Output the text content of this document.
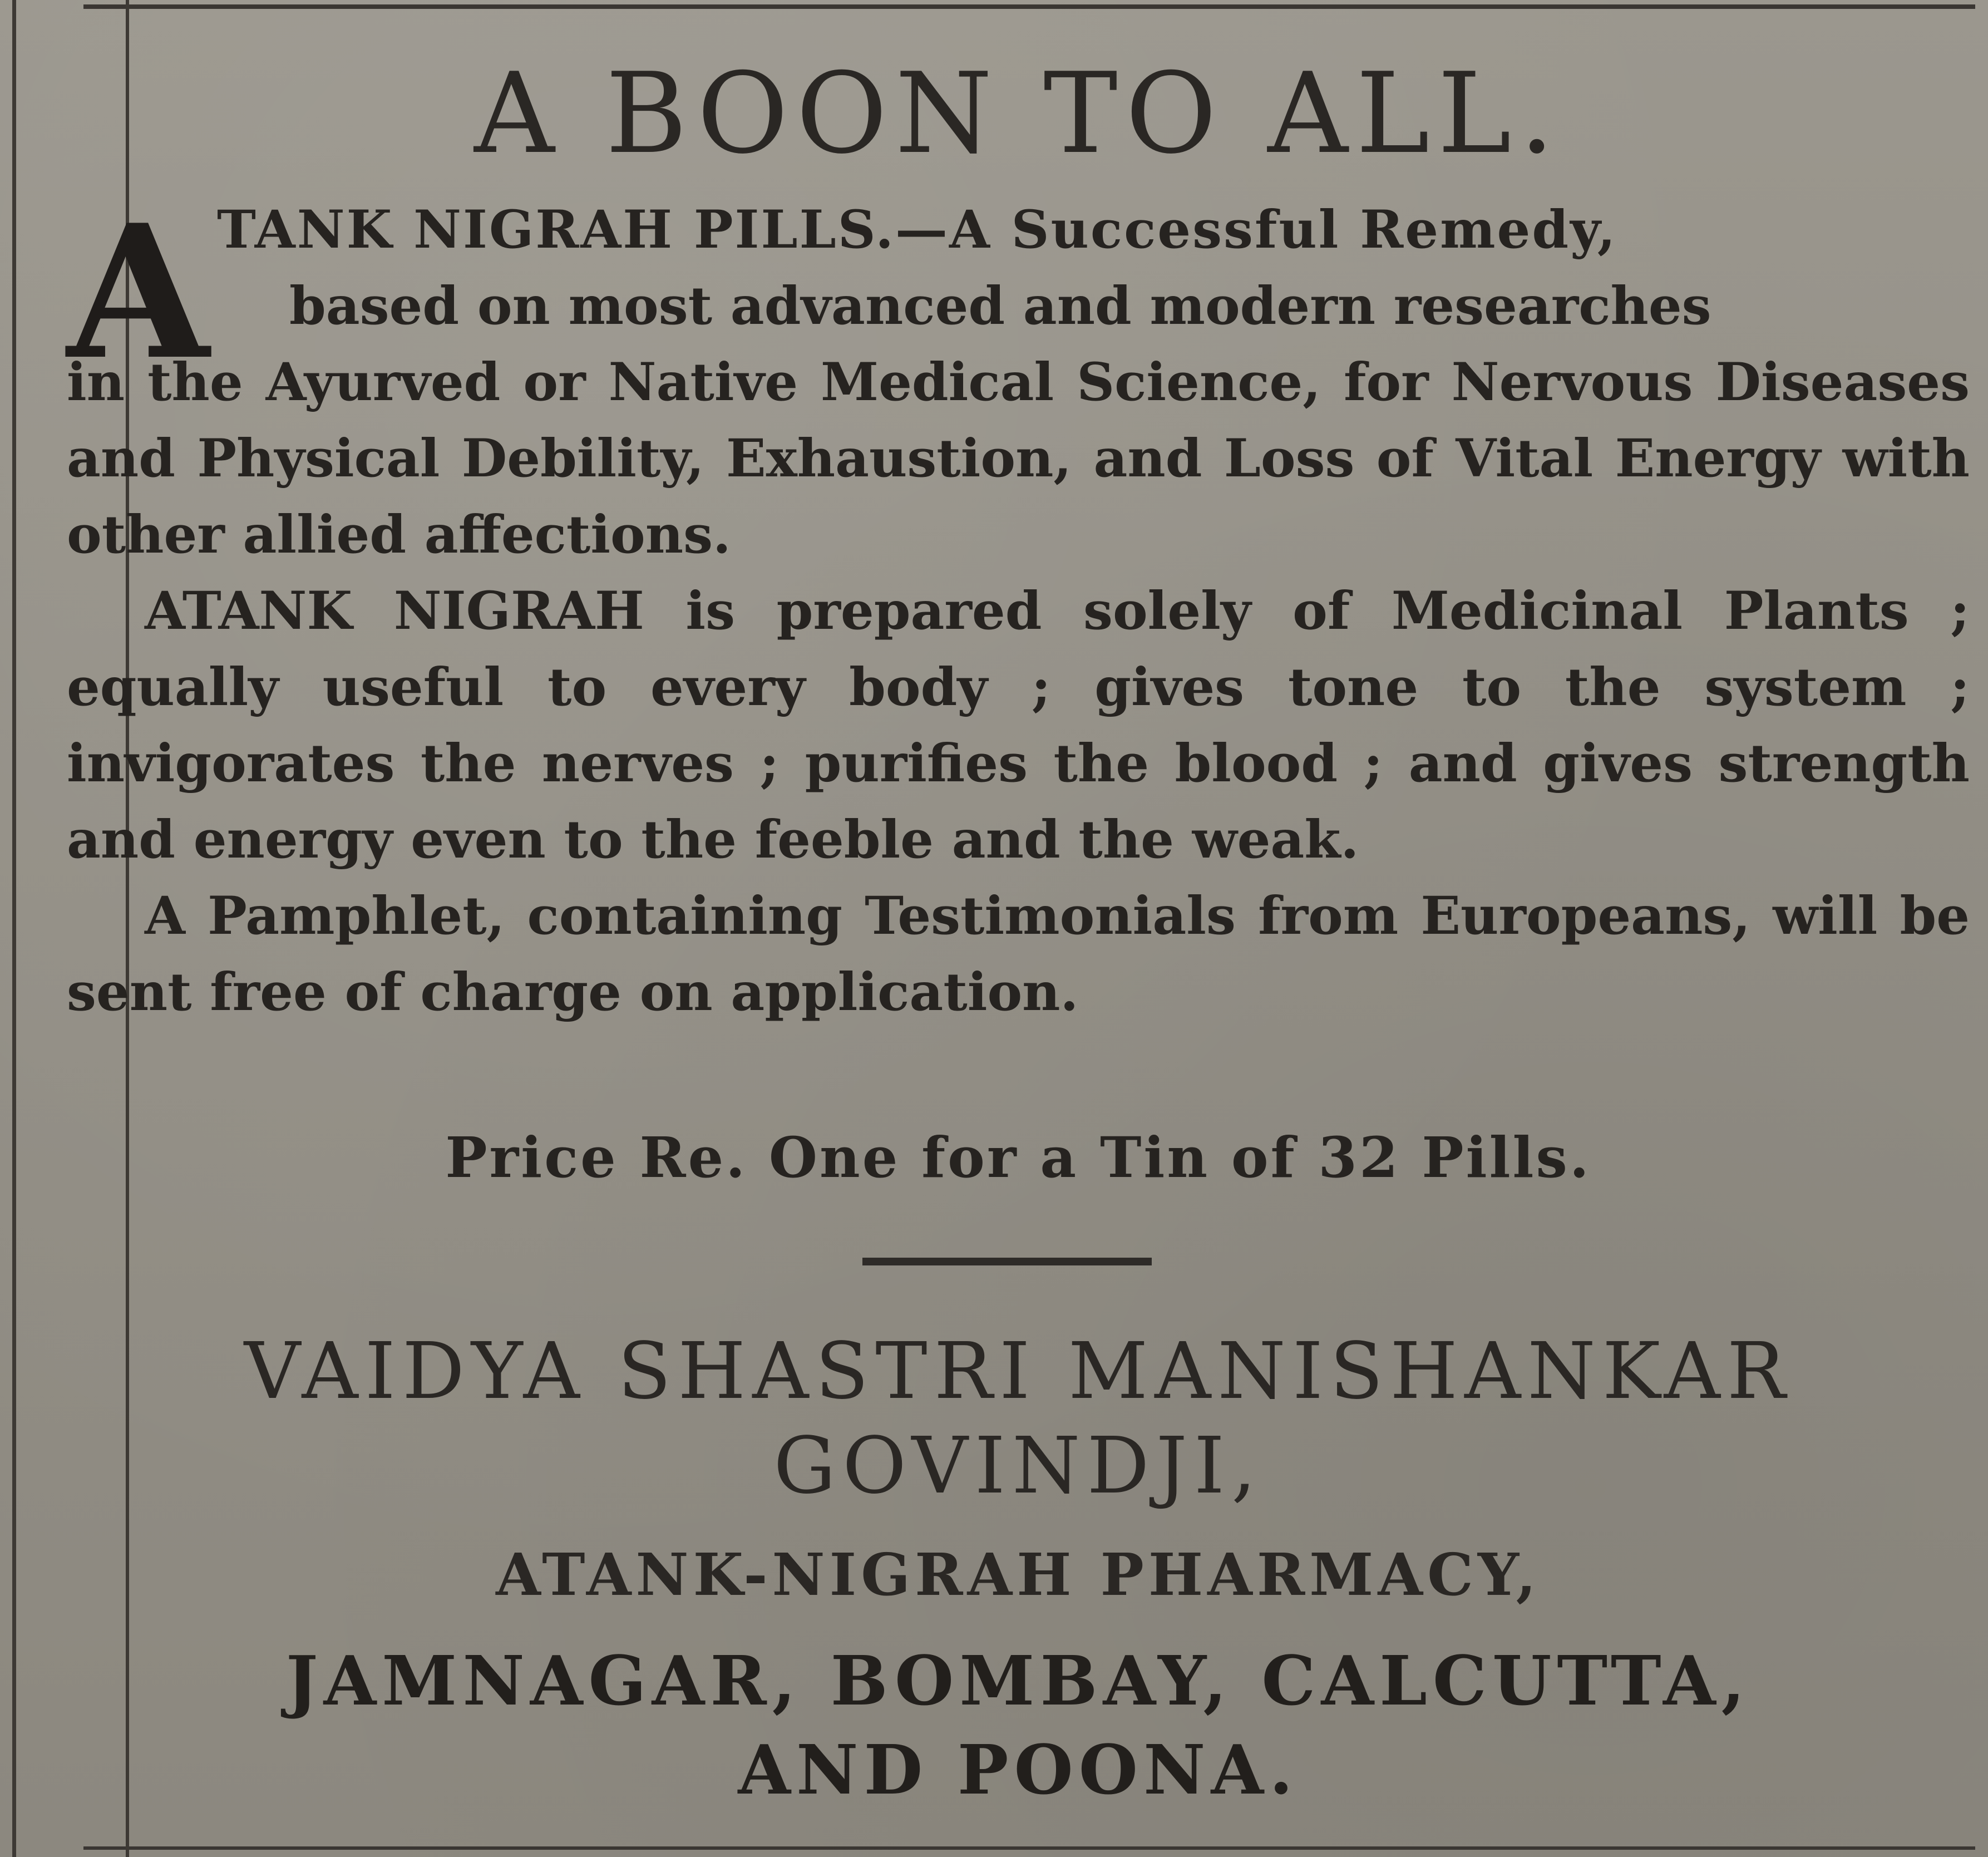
A BOON TO ALL.
A TANK NIGRAH PILLS.—A Successful Remedy,

based on most advanced and modern researches

in the Ayurved or Native Medical Science, for Nervous Diseases and Physical Debility, Exhaustion, and Loss of Vital Energy with other allied affections.

ATANK NIGRAH is prepared solely of Medicinal Plants ; equally useful to every body ; gives tone to the system ; invigorates the nerves ; purifies the blood ; and gives strength and energy even to the feeble and the weak.

A Pamphlet, containing Testimonials from Europeans, will be sent free of charge on application.

Price Re. One for a Tin of 32 Pills.
VAIDYA SHASTRI MANISHANKAR
GOVINDJI,
ATANK-NIGRAH PHARMACY,
JAMNAGAR, BOMBAY, CALCUTTA,
AND POONA.
